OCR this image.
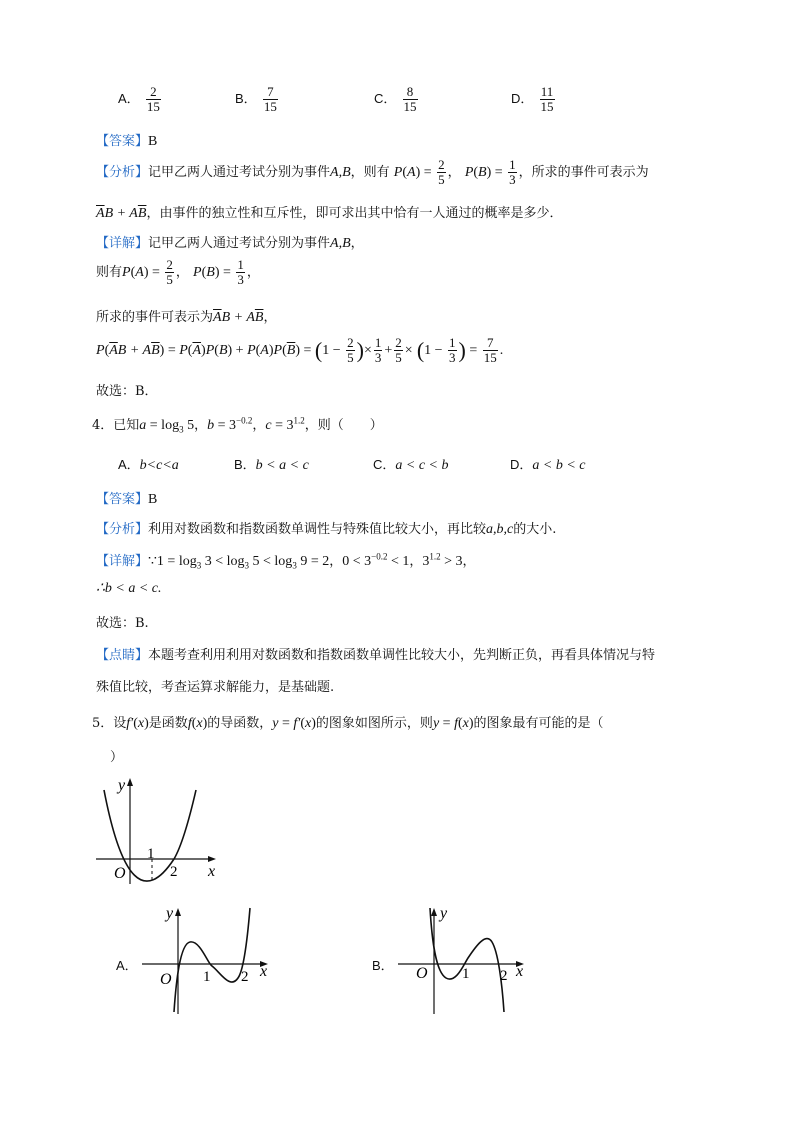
A． $\frac{2}{15}$	B． $\frac{7}{15}$	C． $\frac{8}{15}$	D． $\frac{11}{15}$
【答案】B
【分析】记甲乙两人通过考试分别为事件A,B，则有 $P(A) = \frac{2}{5}$ ， $P(B) = \frac{1}{3}$ ，所求的事件可表示为
$\overline{A}B + A\overline{B}$，由事件的独立性和互斥性，即可求出其中恰有一人通过的概率是多少．
【详解】记甲乙两人通过考试分别为事件A,B，
则有$P(A) = \frac{2}{5}$ ， $P(B) = \frac{1}{3}$ ，
所求的事件可表示为$\overline{A}B + A\overline{B}$，
$P(\overline{A}B + A\overline{B}) = P(\overline{A})P(B) + P(A)P(\overline{B}) = (1 - \frac{2}{5}$ )× $\frac{1}{3} + \frac{2}{5} \times (1 - \frac{1}{3}$ ) = $\frac{7}{15}$ .
故选：B．
4．已知$a = \log_3 5$，$b = 3^{-0.2}$，$c = 3^{1.2}$，则（　　）
A．b<c<a	B．b < a < c	C．a < c < b	D．a < b < c
【答案】B
【分析】利用对数函数和指数函数单调性与特殊值比较大小，再比较a,b,c的大小.
【详解】∵1 = $\log_3 3 < \log_3 5 < \log_3 9 = 2$，$0 < 3^{-0.2} < 1$，$3^{1.2} > 3$，
∴b < a < c.
故选：B.
【点睛】本题考查利用利用对数函数和指数函数单调性比较大小，先判断正负，再看具体情况与特
殊值比较，考查运算求解能力，是基础题.
5．设f′(x)是函数f(x)的导函数，y = f′(x)的图象如图所示，则y = f(x)的图象最有可能的是（
）
y
x
O
1
2
A．
y
x
O 1 2
B．
y
x
O 1 2
